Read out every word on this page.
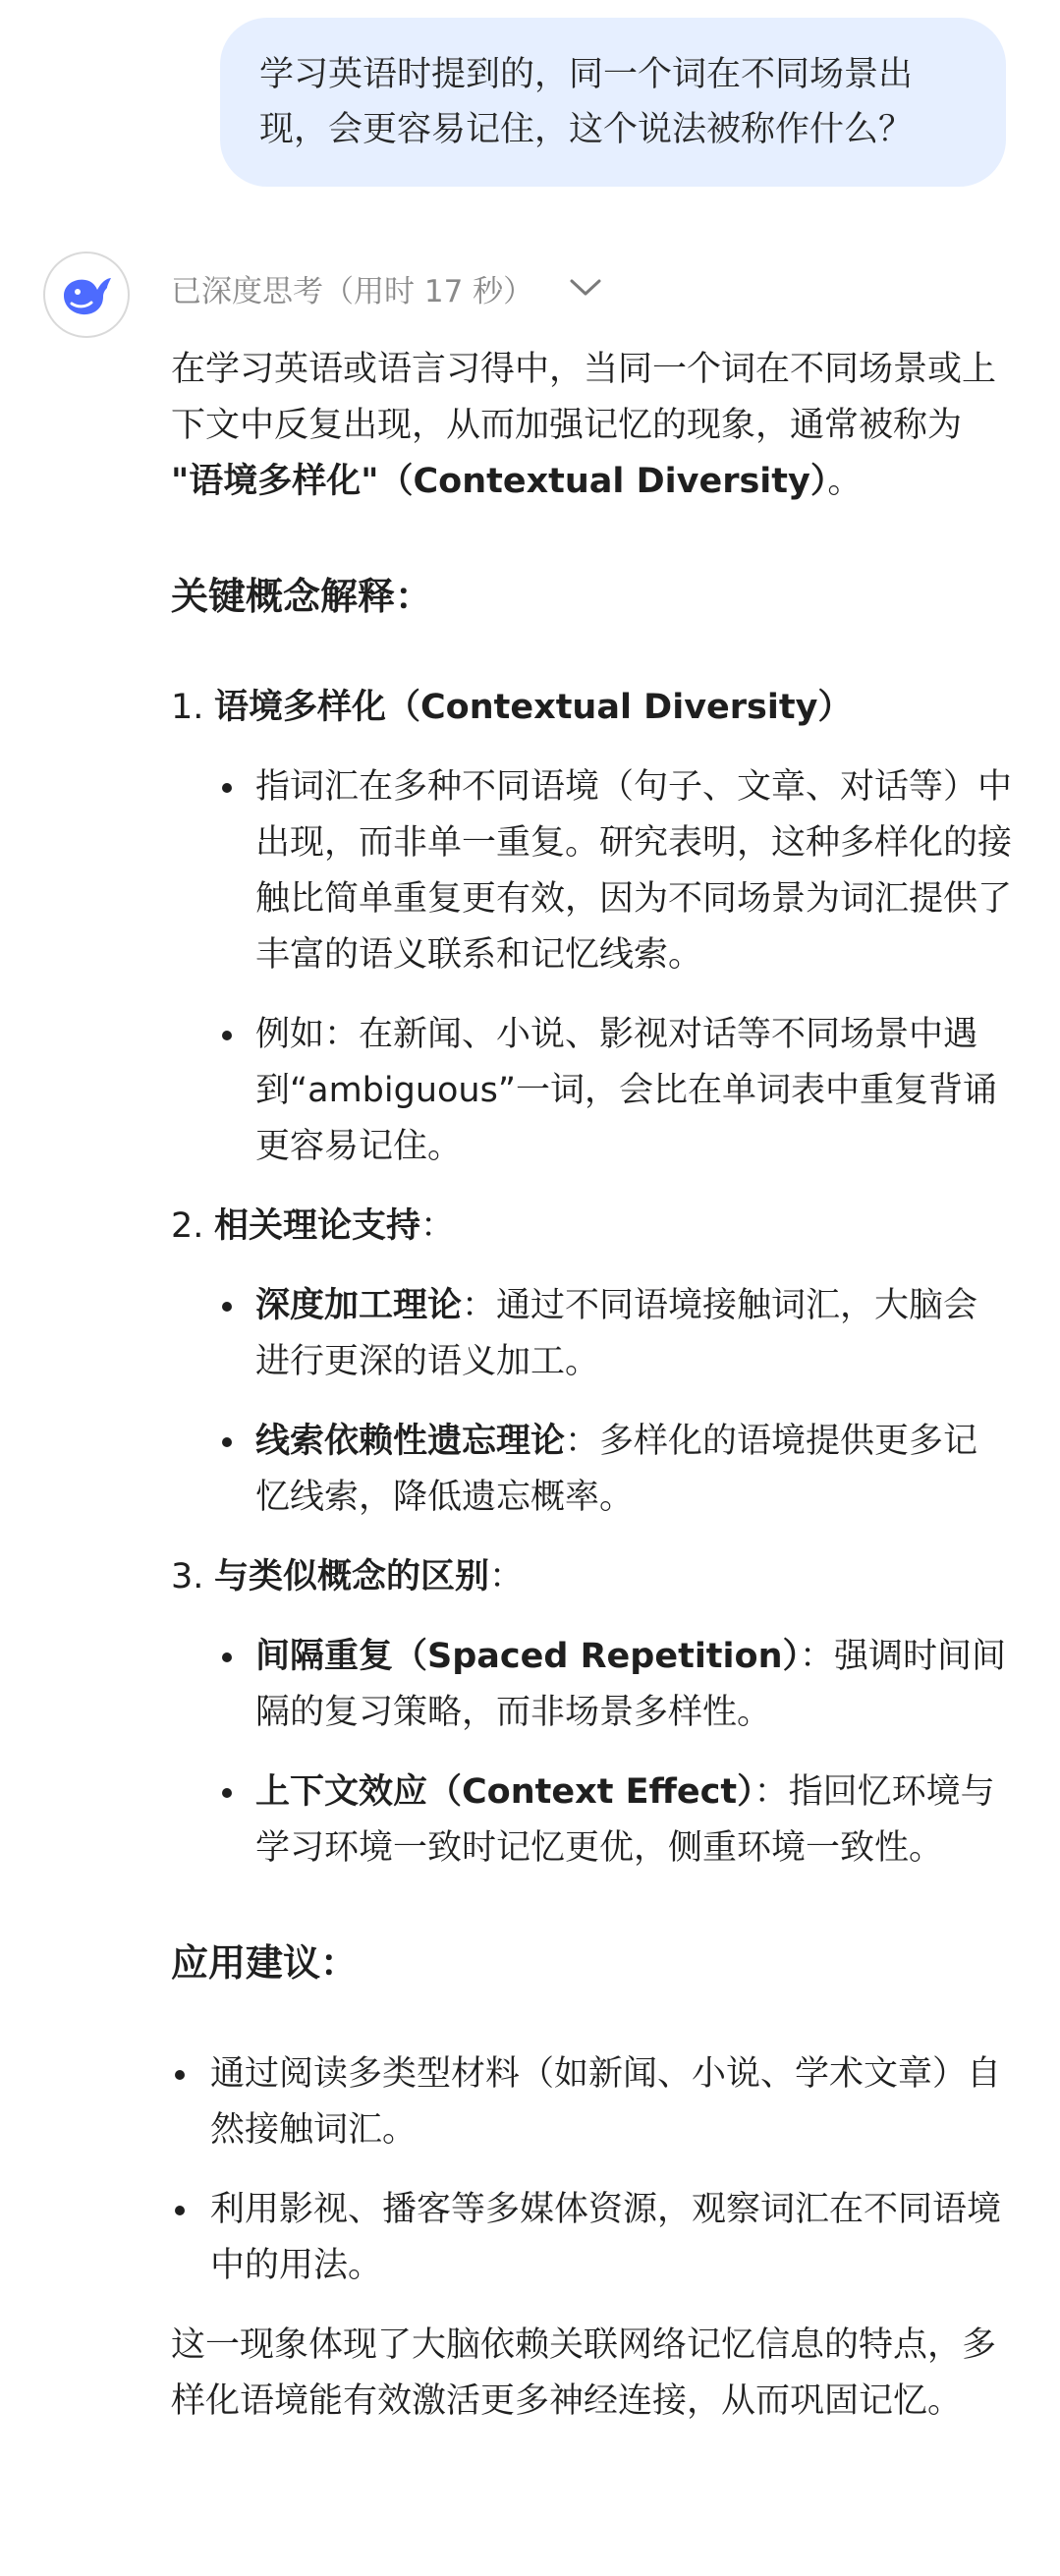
学习英语时提到的，同一个词在不同场景出现，会更容易记住，这个说法被称作什么？
已深度思考（用时 17 秒）

在学习英语或语言习得中，当同一个词在不同场景或上下文中反复出现，从而加强记忆的现象，通常被称为 "语境多样化"（Contextual Diversity）。

关键概念解释：
1. 语境多样化（Contextual Diversity）
指词汇在多种不同语境（句子、文章、对话等）中出现，而非单一重复。研究表明，这种多样化的接触比简单重复更有效，因为不同场景为词汇提供了丰富的语义联系和记忆线索。
例如：在新闻、小说、影视对话等不同场景中遇到“ambiguous”一词，会比在单词表中重复背诵更容易记住。
2. 相关理论支持：
深度加工理论：通过不同语境接触词汇，大脑会进行更深的语义加工。
线索依赖性遗忘理论：多样化的语境提供更多记忆线索，降低遗忘概率。
3. 与类似概念的区别：
间隔重复（Spaced Repetition）：强调时间间隔的复习策略，而非场景多样性。
上下文效应（Context Effect）：指回忆环境与学习环境一致时记忆更优，侧重环境一致性。
应用建议：
通过阅读多类型材料（如新闻、小说、学术文章）自然接触词汇。
利用影视、播客等多媒体资源，观察词汇在不同语境中的用法。

这一现象体现了大脑依赖关联网络记忆信息的特点，多样化语境能有效激活更多神经连接，从而巩固记忆。
